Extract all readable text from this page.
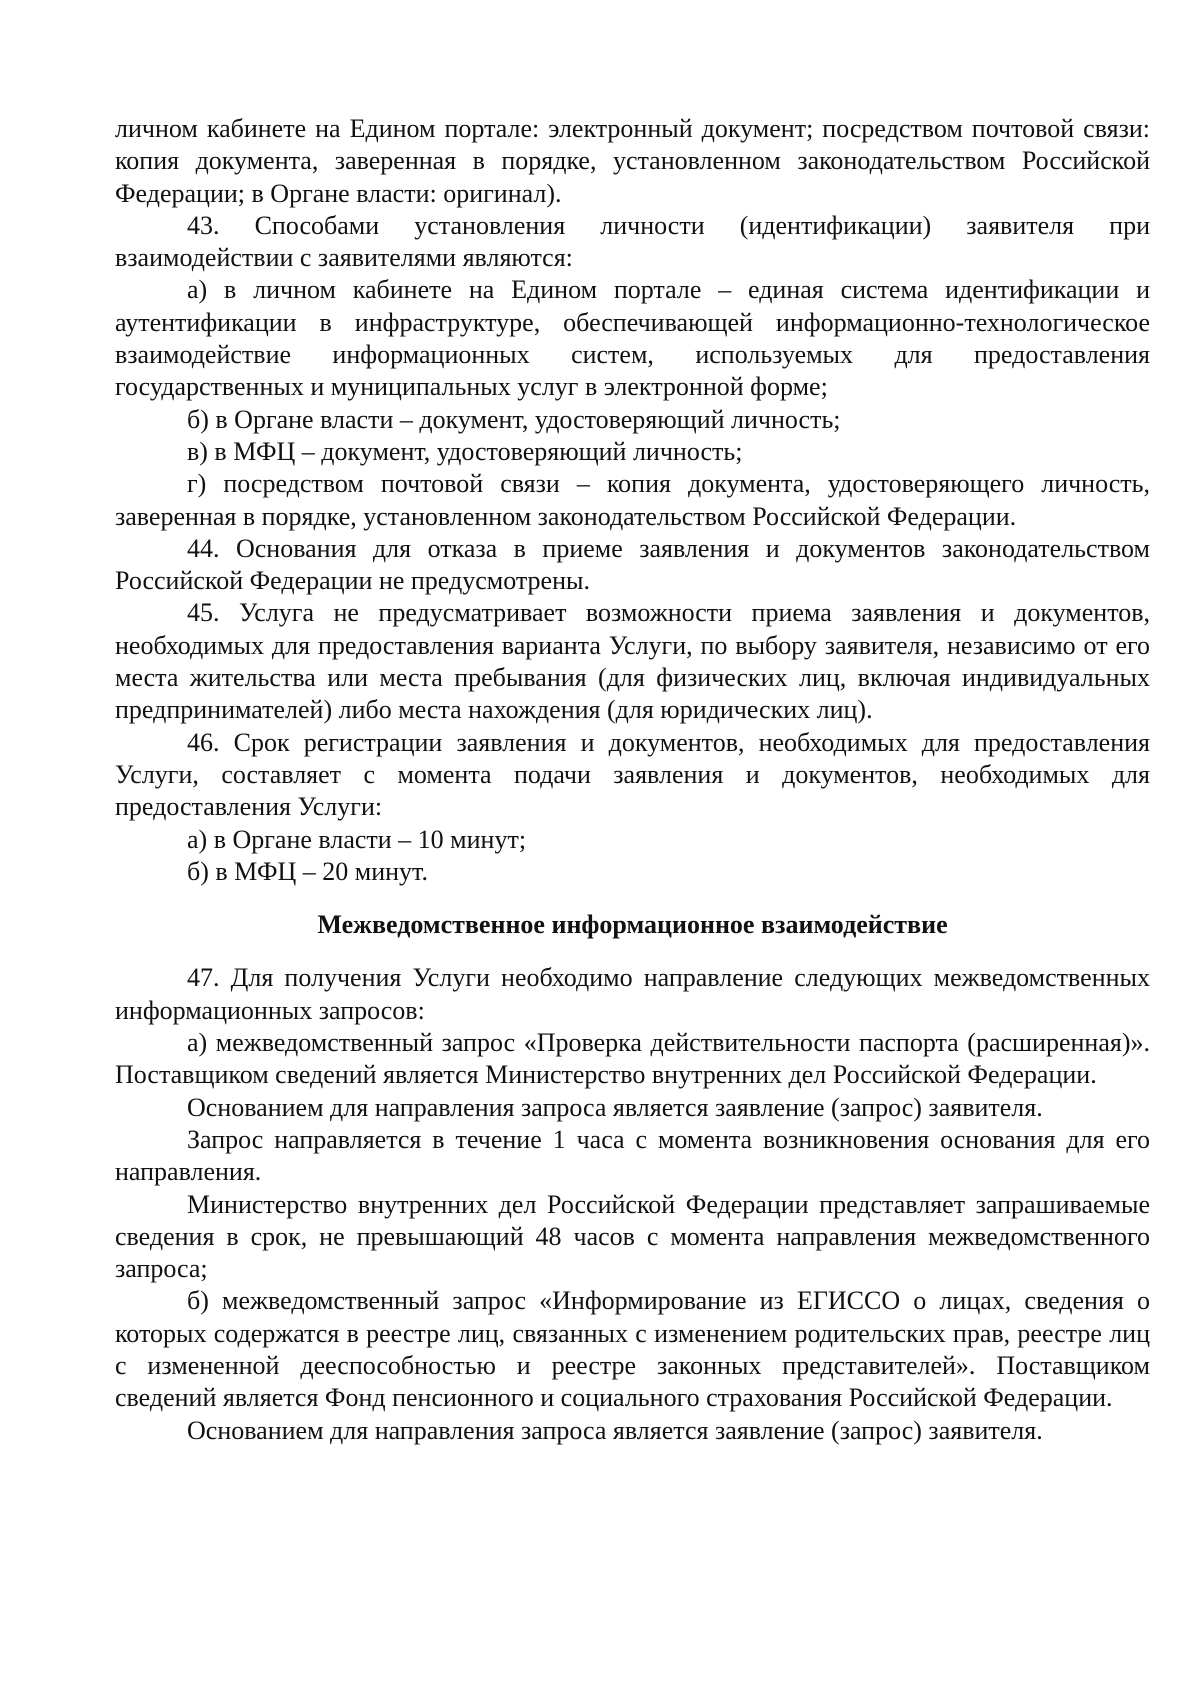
личном кабинете на Едином портале: электронный документ; посредством почтовой связи: копия документа, заверенная в порядке, установленном законодательством Российской Федерации; в Органе власти: оригинал).

43. Способами установления личности (идентификации) заявителя при взаимодействии с заявителями являются:

а) в личном кабинете на Едином портале – единая система идентификации и аутентификации в инфраструктуре, обеспечивающей информационно-технологическое взаимодействие информационных систем, используемых для предоставления государственных и муниципальных услуг в электронной форме;

б) в Органе власти – документ, удостоверяющий личность;

в) в МФЦ – документ, удостоверяющий личность;

г) посредством почтовой связи – копия документа, удостоверяющего личность, заверенная в порядке, установленном законодательством Российской Федерации.

44. Основания для отказа в приеме заявления и документов законодательством Российской Федерации не предусмотрены.

45. Услуга не предусматривает возможности приема заявления и документов, необходимых для предоставления варианта Услуги, по выбору заявителя, независимо от его места жительства или места пребывания (для физических лиц, включая индивидуальных предпринимателей) либо места нахождения (для юридических лиц).

46. Срок регистрации заявления и документов, необходимых для предоставления Услуги, составляет с момента подачи заявления и документов, необходимых для предоставления Услуги:

а) в Органе власти – 10 минут;

б) в МФЦ – 20 минут.

Межведомственное информационное взаимодействие

47. Для получения Услуги необходимо направление следующих межведомственных информационных запросов:

а) межведомственный запрос «Проверка действительности паспорта (расширенная)». Поставщиком сведений является Министерство внутренних дел Российской Федерации.

Основанием для направления запроса является заявление (запрос) заявителя.

Запрос направляется в течение 1 часа с момента возникновения основания для его направления.

Министерство внутренних дел Российской Федерации представляет запрашиваемые сведения в срок, не превышающий 48 часов с момента направления межведомственного запроса;

б) межведомственный запрос «Информирование из ЕГИССО о лицах, сведения о которых содержатся в реестре лиц, связанных с изменением родительских прав, реестре лиц с измененной дееспособностью и реестре законных представителей». Поставщиком сведений является Фонд пенсионного и социального страхования Российской Федерации.

Основанием для направления запроса является заявление (запрос) заявителя.
